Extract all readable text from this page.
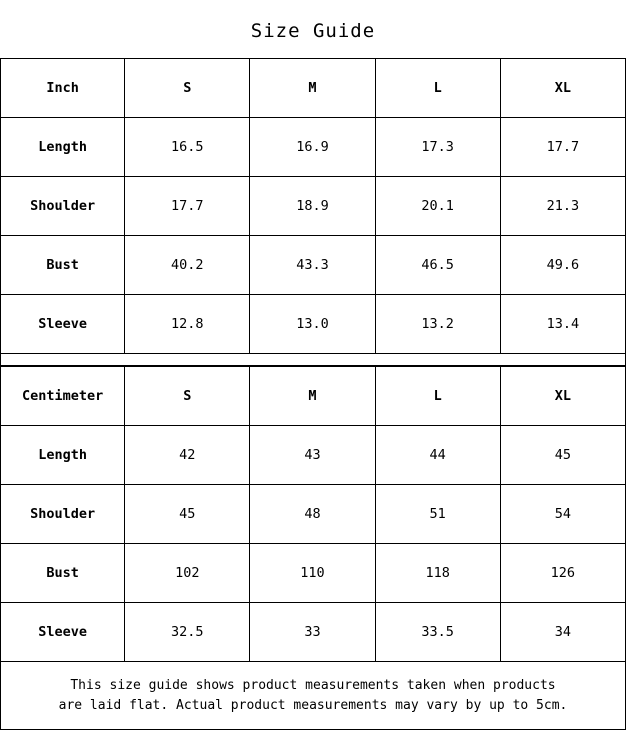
Size Guide
Inch	S	M	L	XL
Length	16.5	16.9	17.3	17.7
Shoulder	17.7	18.9	20.1	21.3
Bust	40.2	43.3	46.5	49.6
Sleeve	12.8	13.0	13.2	13.4
Centimeter	S	M	L	XL
Length	42	43	44	45
Shoulder	45	48	51	54
Bust	102	110	118	126
Sleeve	32.5	33	33.5	34
This size guide shows product measurements taken when products
are laid flat. Actual product measurements may vary by up to 5cm.
